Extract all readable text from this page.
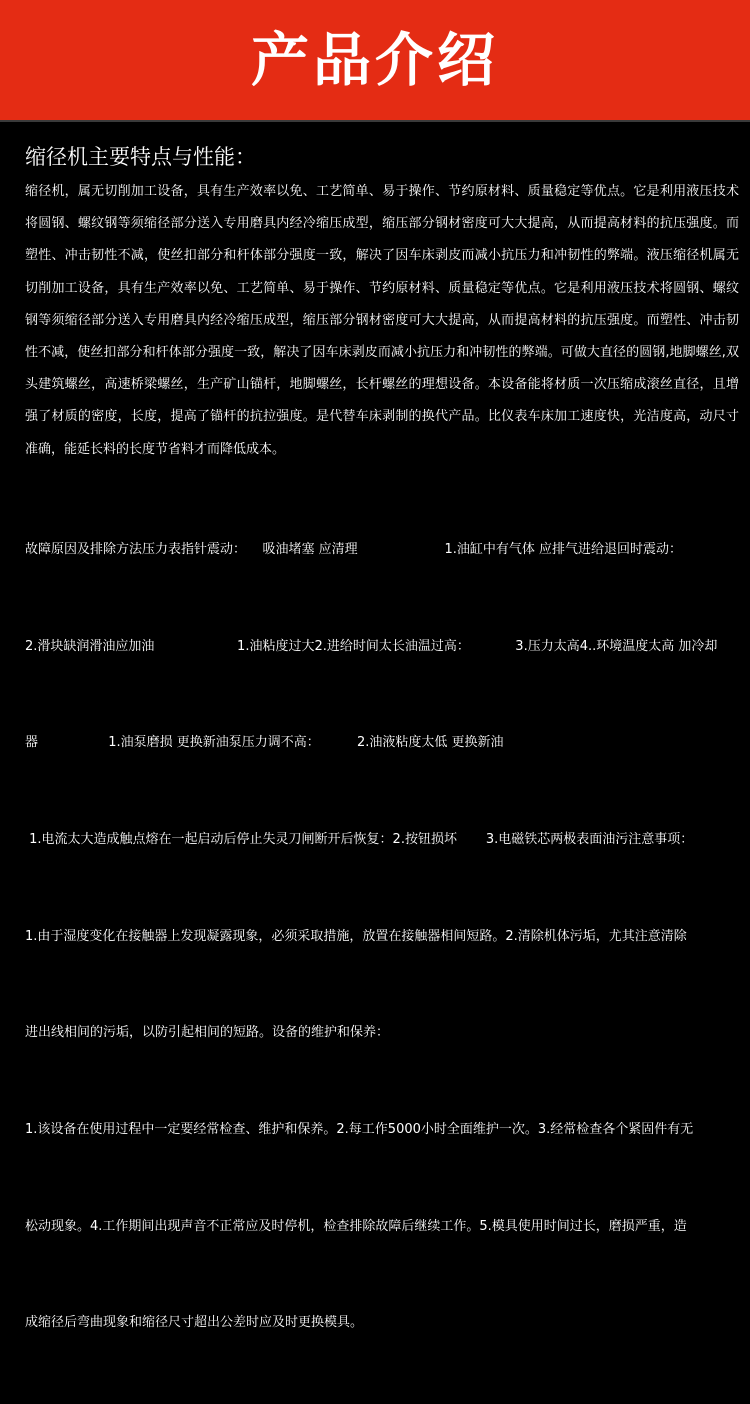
产品介绍
缩径机主要特点与性能：

缩径机，属无切削加工设备，具有生产效率以免、工艺简单、易于操作、节约原材料、质量稳定等优点。它是利用液压技术将圆钢、螺纹钢等须缩径部分送入专用磨具内经冷缩压成型，缩压部分钢材密度可大大提高，从而提高材料的抗压强度。而塑性、冲击韧性不减，使丝扣部分和杆体部分强度一致，解决了因车床剥皮而减小抗压力和冲韧性的弊端。液压缩径机属无切削加工设备，具有生产效率以免、工艺简单、易于操作、节约原材料、质量稳定等优点。它是利用液压技术将圆钢、螺纹钢等须缩径部分送入专用磨具内经冷缩压成型，缩压部分钢材密度可大大提高，从而提高材料的抗压强度。而塑性、冲击韧性不减，使丝扣部分和杆体部分强度一致，解决了因车床剥皮而减小抗压力和冲韧性的弊端。可做大直径的圆钢,地脚螺丝,双头建筑螺丝，高速桥梁螺丝，生产矿山锚杆，地脚螺丝，长杆螺丝的理想设备。本设备能将材质一次压缩成滚丝直径，且增强了材质的密度，长度，提高了锚杆的抗拉强度。是代替车床剥制的换代产品。比仪表车床加工速度快，光洁度高，动尺寸准确，能延长料的长度节省料才而降低成本。

故障原因及排除方法压力表指针震动：    吸油堵塞 应清理                     1.油缸中有气体 应排气进给退回时震动：

2.滑块缺润滑油应加油                    1.油粘度过大2.进给时间太长油温过高：           3.压力太高4..环境温度太高 加冷却

器                 1.油泵磨损 更换新油泵压力调不高：         2.油液粘度太低 更换新油

1.电流太大造成触点熔在一起启动后停止失灵刀闸断开后恢复：2.按钮损坏       3.电磁铁芯两极表面油污注意事项：

1.由于湿度变化在接触器上发现凝露现象，必须采取措施，放置在接触器相间短路。2.清除机体污垢，尤其注意清除

进出线相间的污垢，以防引起相间的短路。设备的维护和保养：

1.该设备在使用过程中一定要经常检查、维护和保养。2.每工作5000小时全面维护一次。3.经常检查各个紧固件有无

松动现象。4.工作期间出现声音不正常应及时停机，检查排除故障后继续工作。5.模具使用时间过长，磨损严重，造

成缩径后弯曲现象和缩径尺寸超出公差时应及时更换模具。
